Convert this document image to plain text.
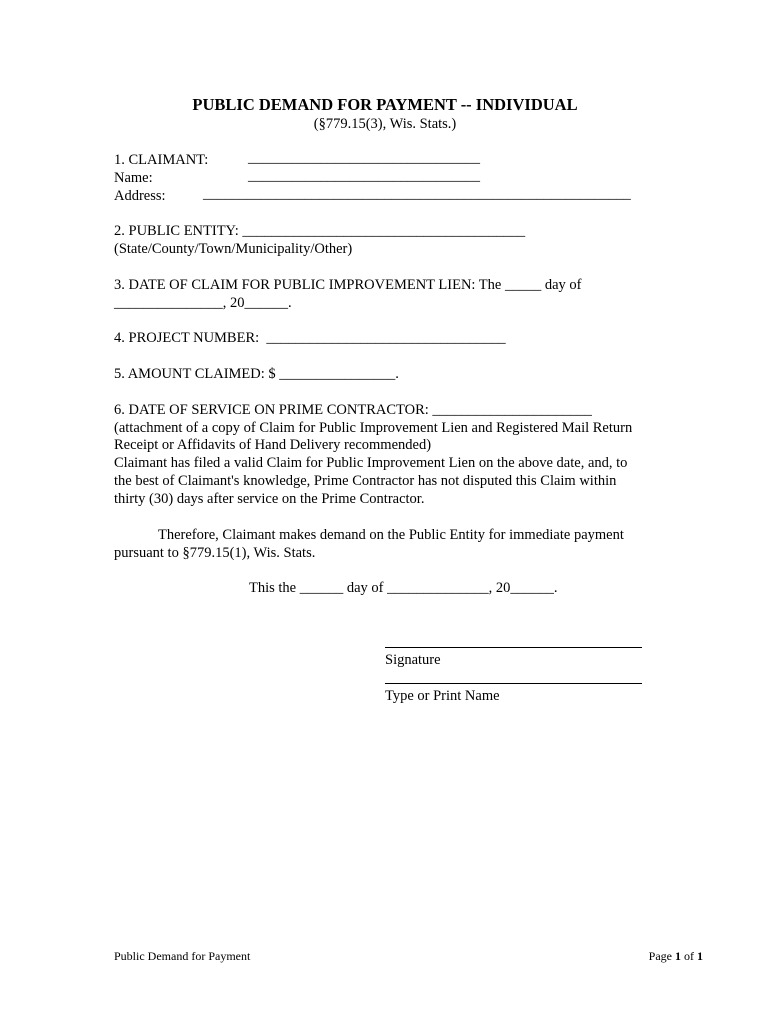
PUBLIC DEMAND FOR PAYMENT -- INDIVIDUAL
(§779.15(3), Wis. Stats.)
1. CLAIMANT:	________________________________
Name:	________________________________
Address:	___________________________________________________________
2. PUBLIC ENTITY: _______________________________________
(State/County/Town/Municipality/Other)
3. DATE OF CLAIM FOR PUBLIC IMPROVEMENT LIEN: The _____ day of
_______________, 20______.
4. PROJECT NUMBER:  _________________________________
5. AMOUNT CLAIMED: $ ________________.
6. DATE OF SERVICE ON PRIME CONTRACTOR: ______________________
(attachment of a copy of Claim for Public Improvement Lien and Registered Mail Return
Receipt or Affidavits of Hand Delivery recommended)
Claimant has filed a valid Claim for Public Improvement Lien on the above date, and, to
the best of Claimant's knowledge, Prime Contractor has not disputed this Claim within
thirty (30) days after service on the Prime Contractor.
Therefore, Claimant makes demand on the Public Entity for immediate payment
pursuant to §779.15(1), Wis. Stats.
This the ______ day of ______________, 20______.
Signature
Type or Print Name
Public Demand for Payment	Page 1 of 1
